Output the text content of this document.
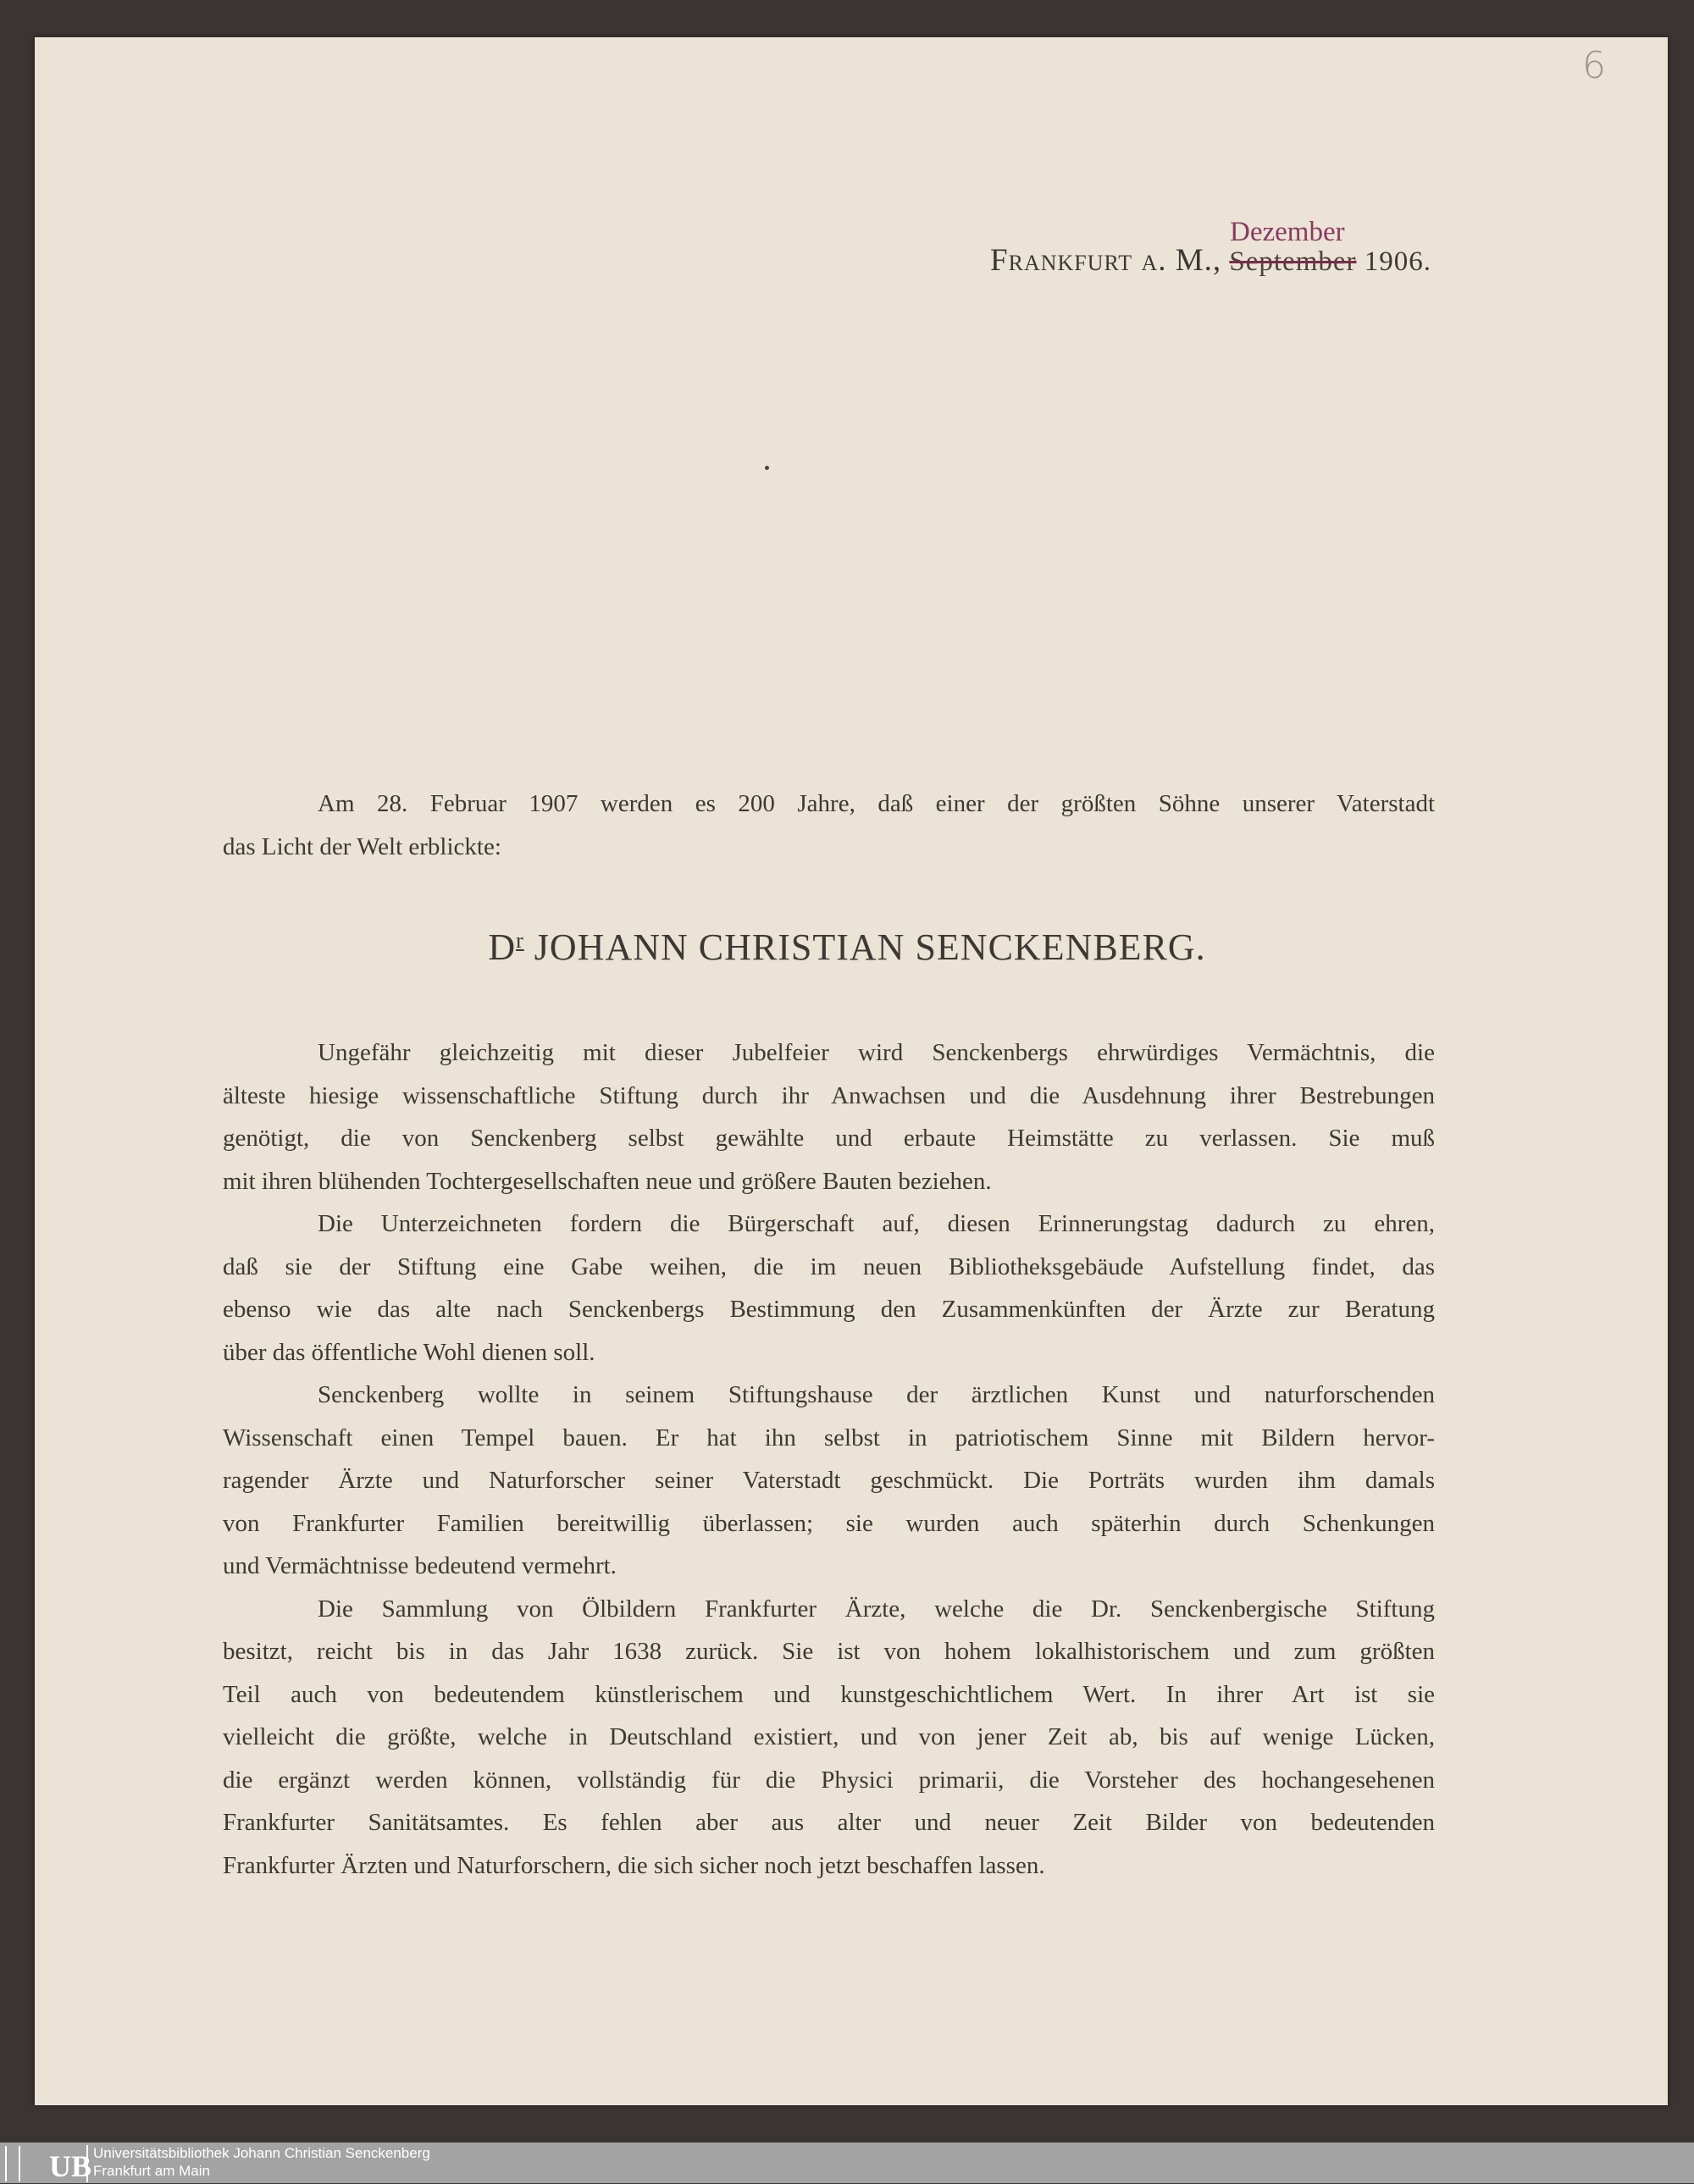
6
Dezember
Frankfurt a. M., September 1906.
Am 28. Februar 1907 werden es 200 Jahre, daß einer der größten Söhne unserer Vaterstadt
das Licht der Welt erblickte:
$D^r$ JOHANN CHRISTIAN SENCKENBERG.
Ungefähr gleichzeitig mit dieser Jubelfeier wird Senckenbergs ehrwürdiges Vermächtnis, die
älteste hiesige wissenschaftliche Stiftung durch ihr Anwachsen und die Ausdehnung ihrer Bestrebungen
genötigt, die von Senckenberg selbst gewählte und erbaute Heimstätte zu verlassen. Sie muß
mit ihren blühenden Tochtergesellschaften neue und größere Bauten beziehen.
Die Unterzeichneten fordern die Bürgerschaft auf, diesen Erinnerungstag dadurch zu ehren,
daß sie der Stiftung eine Gabe weihen, die im neuen Bibliotheksgebäude Aufstellung findet, das
ebenso wie das alte nach Senckenbergs Bestimmung den Zusammenkünften der Ärzte zur Beratung
über das öffentliche Wohl dienen soll.
Senckenberg wollte in seinem Stiftungshause der ärztlichen Kunst und naturforschenden
Wissenschaft einen Tempel bauen. Er hat ihn selbst in patriotischem Sinne mit Bildern hervor-
ragender Ärzte und Naturforscher seiner Vaterstadt geschmückt. Die Porträts wurden ihm damals
von Frankfurter Familien bereitwillig überlassen; sie wurden auch späterhin durch Schenkungen
und Vermächtnisse bedeutend vermehrt.
Die Sammlung von Ölbildern Frankfurter Ärzte, welche die Dr. Senckenbergische Stiftung
besitzt, reicht bis in das Jahr 1638 zurück. Sie ist von hohem lokalhistorischem und zum größten
Teil auch von bedeutendem künstlerischem und kunstgeschichtlichem Wert. In ihrer Art ist sie
vielleicht die größte, welche in Deutschland existiert, und von jener Zeit ab, bis auf wenige Lücken,
die ergänzt werden können, vollständig für die Physici primarii, die Vorsteher des hochangesehenen
Frankfurter Sanitätsamtes. Es fehlen aber aus alter und neuer Zeit Bilder von bedeutenden
Frankfurter Ärzten und Naturforschern, die sich sicher noch jetzt beschaffen lassen.
UB Universitätsbibliothek Johann Christian Senckenberg
Frankfurt am Main
